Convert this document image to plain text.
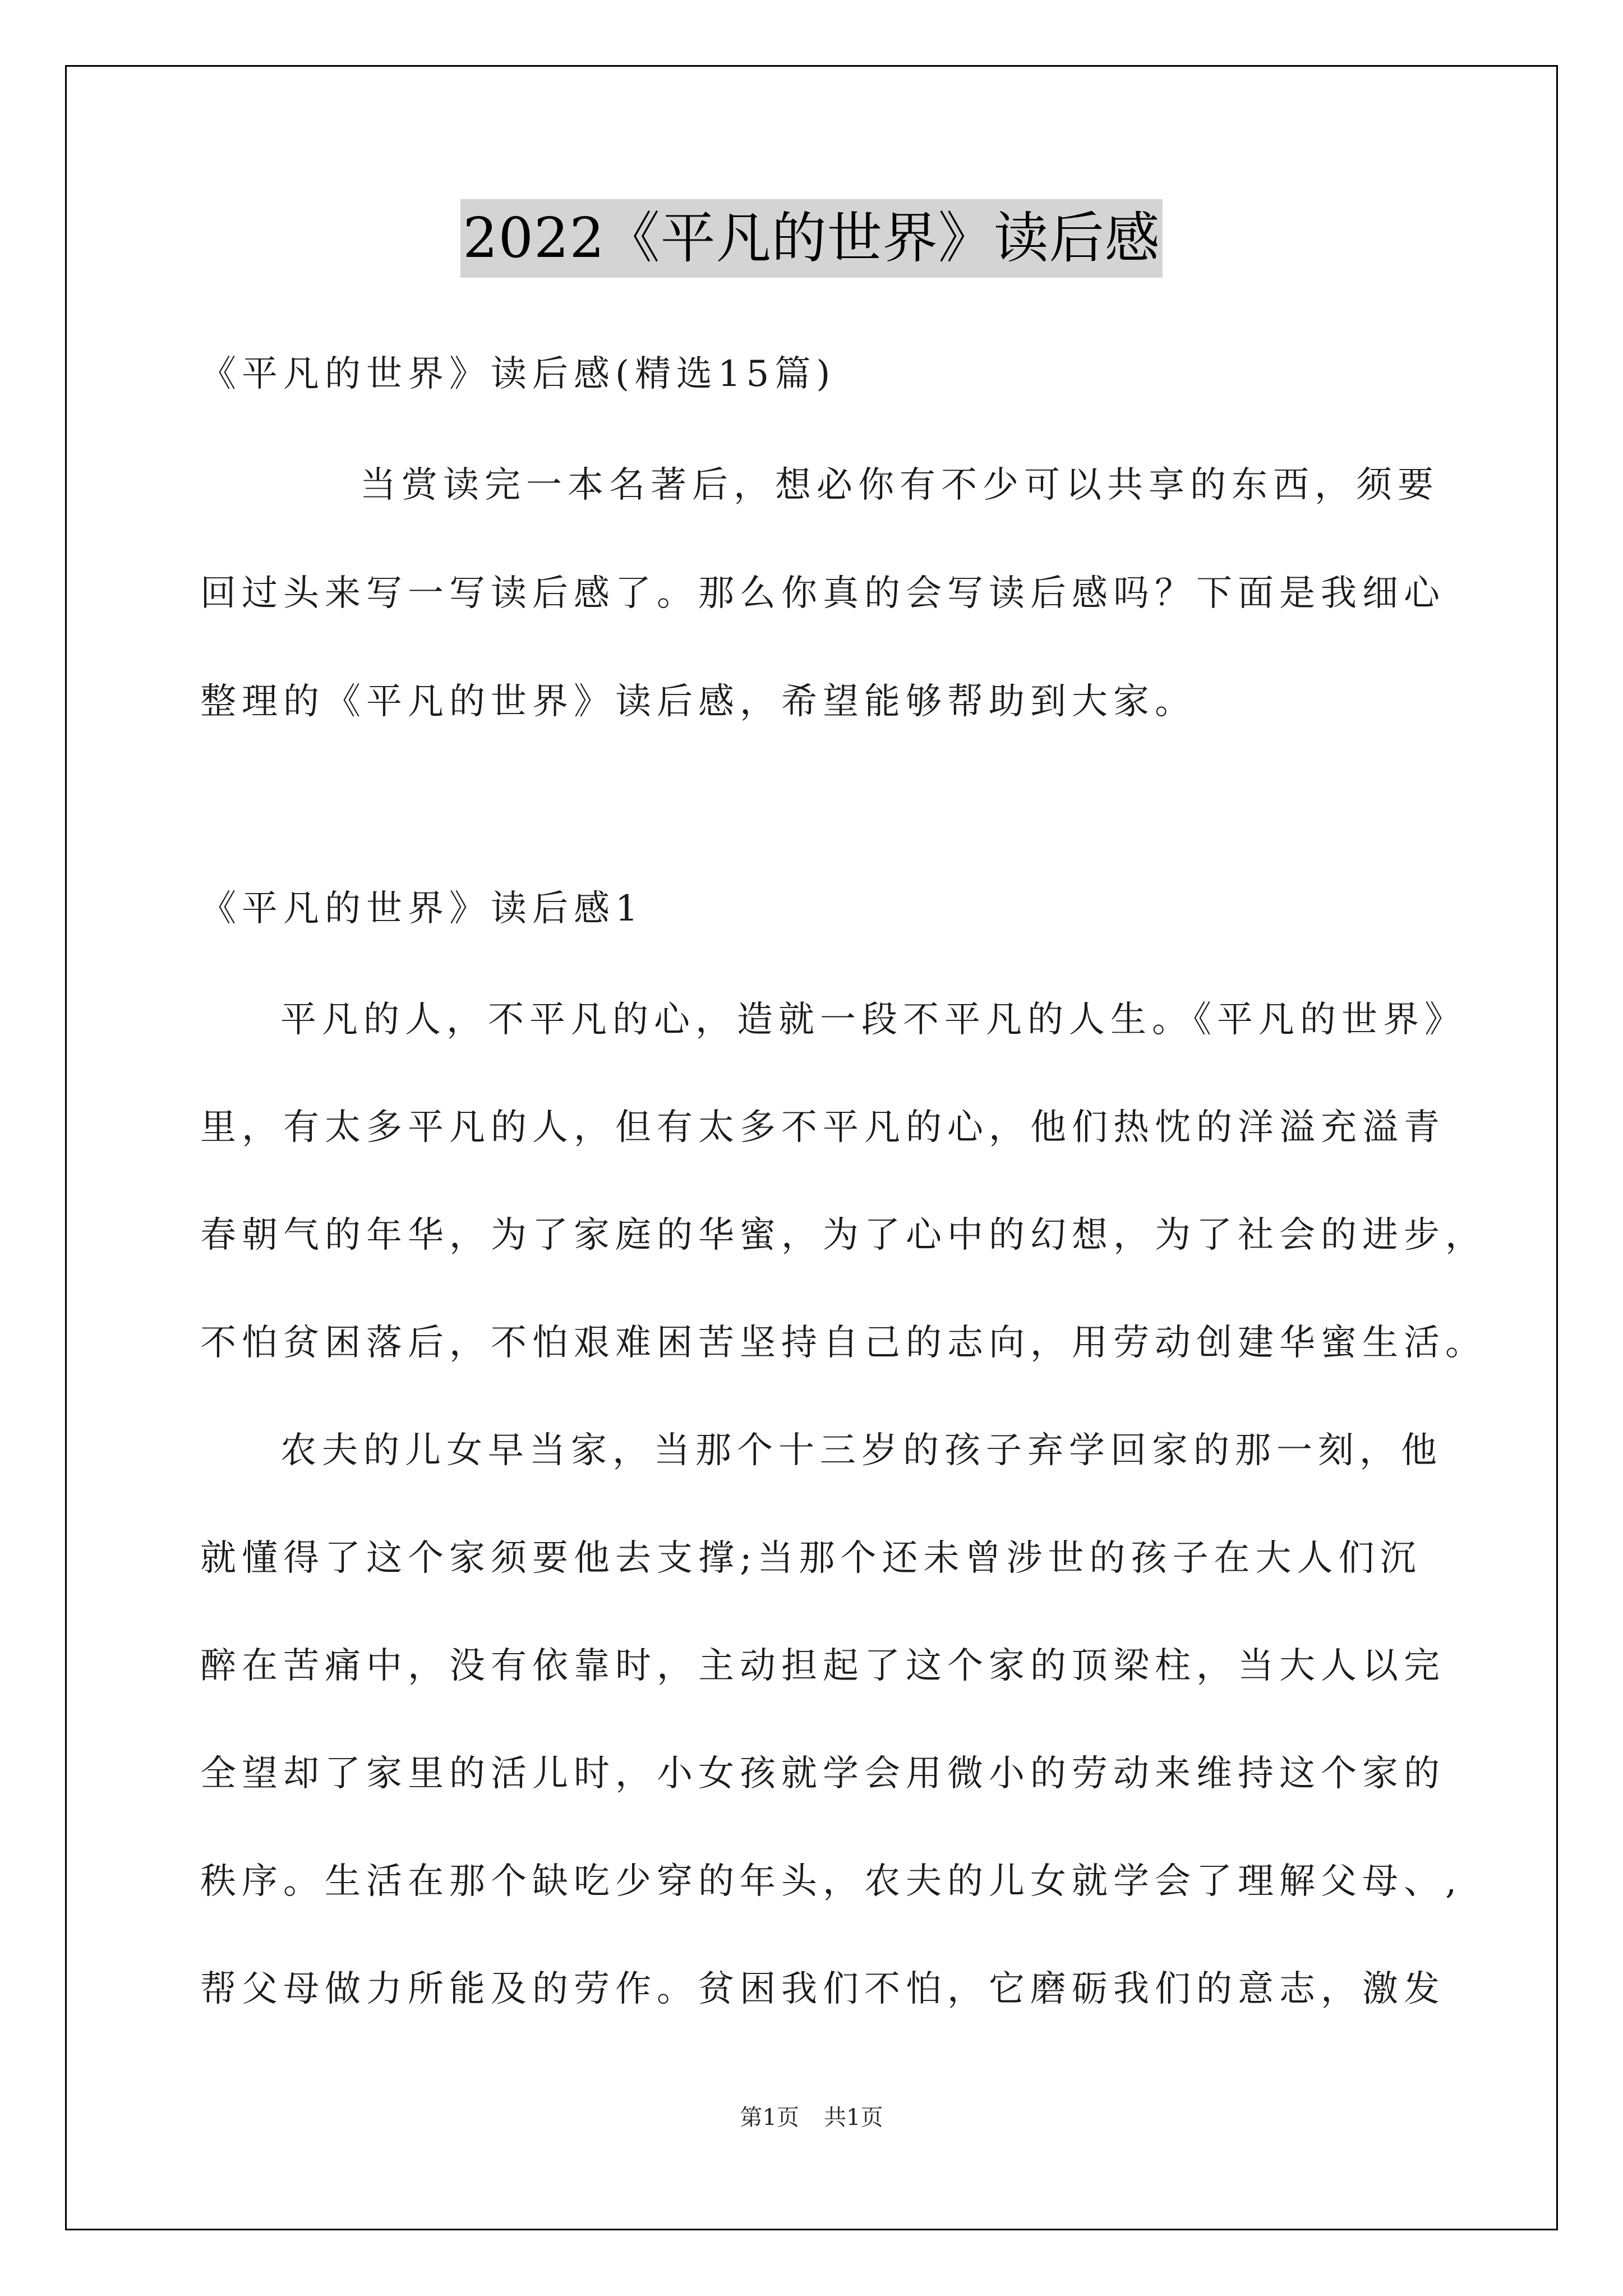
2022《平凡的世界》读后感
《平凡的世界》读后感(精选15篇)
当赏读完一本名著后，想必你有不少可以共享的东西，须要
回过头来写一写读后感了。那么你真的会写读后感吗？下面是我细心
整理的《平凡的世界》读后感，希望能够帮助到大家。
《平凡的世界》读后感1
平凡的人，不平凡的心，造就一段不平凡的人生。《平凡的世界》
里，有太多平凡的人，但有太多不平凡的心，他们热忱的洋溢充溢青
春朝气的年华，为了家庭的华蜜，为了心中的幻想，为了社会的进步，
不怕贫困落后，不怕艰难困苦坚持自己的志向，用劳动创建华蜜生活。
农夫的儿女早当家，当那个十三岁的孩子弃学回家的那一刻，他
就懂得了这个家须要他去支撑;当那个还未曾涉世的孩子在大人们沉
醉在苦痛中，没有依靠时，主动担起了这个家的顶梁柱，当大人以完
全望却了家里的活儿时，小女孩就学会用微小的劳动来维持这个家的
秩序。生活在那个缺吃少穿的年头，农夫的儿女就学会了理解父母、,
帮父母做力所能及的劳作。贫困我们不怕，它磨砺我们的意志，激发
第1页 共1页
